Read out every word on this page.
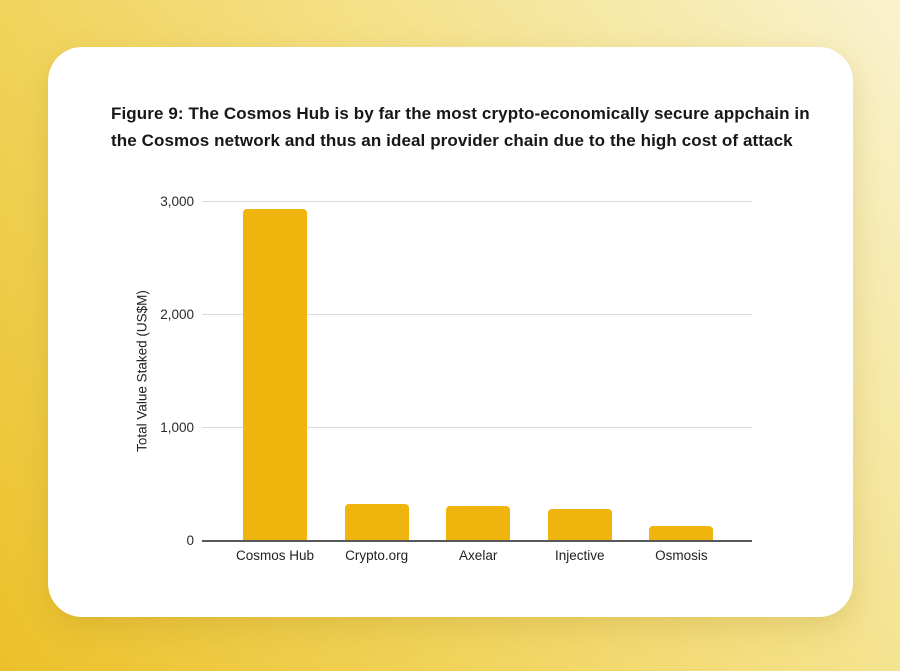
Figure 9: The Cosmos Hub is by far the most crypto-economically secure appchain in
the Cosmos network and thus an ideal provider chain due to the high cost of attack
Total Value Staked (US$M)
0
1,000
2,000
3,000
Cosmos Hub Crypto.org	Axelar	Injective	Osmosis
